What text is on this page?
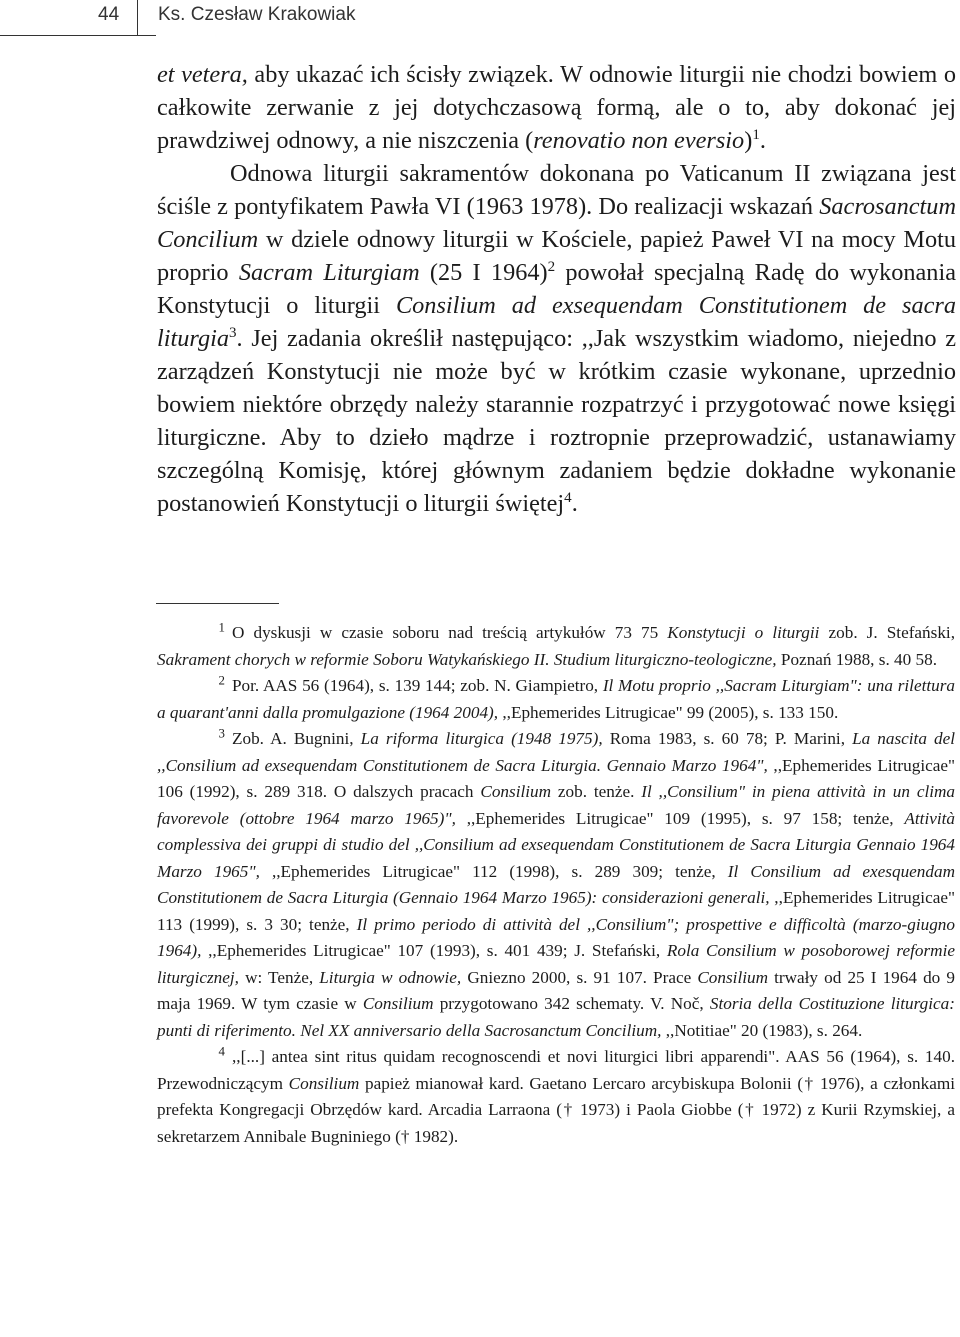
44 Ks. Czesław Krakowiak

et vetera, aby ukazać ich ścisły związek. W odnowie liturgii nie chodzi bowiem o całkowite zerwanie z jej dotychczasową formą, ale o to, aby dokonać jej prawdziwej odnowy, a nie niszczenia (renovatio non eversio)$^1$.

Odnowa liturgii sakramentów dokonana po Vaticanum II związana jest ściśle z pontyfikatem Pawła VI (1963 1978). Do realizacji wskazań Sacrosanctum Concilium w dziele odnowy liturgii w Kościele, papież Paweł VI na mocy Motu proprio Sacram Liturgiam (25 I 1964)$^2$ powołał specjalną Radę do wykonania Konstytucji o liturgii Consilium ad exsequendam Constitutionem de sacra liturgia$^3$. Jej zadania określił następująco: ,,Jak wszystkim wiadomo, niejedno z zarządzeń Konstytucji nie może być w krótkim czasie wykonane, uprzednio bowiem niektóre obrzędy należy starannie rozpatrzyć i przygotować nowe księgi liturgiczne. Aby to dzieło mądrze i roztropnie przeprowadzić, ustanawiamy szczególną Komisję, której głównym zadaniem będzie dokładne wykonanie postanowień Konstytucji o liturgii świętej$^4$.

$^1$ O dyskusji w czasie soboru nad treścią artykułów 73 75 Konstytucji o liturgii zob. J. Stefański, Sakrament chorych w reformie Soboru Watykańskiego II. Studium liturgiczno-teologiczne, Poznań 1988, s. 40 58.

$^2$ Por. AAS 56 (1964), s. 139 144; zob. N. Giampietro, Il Motu proprio ,,Sacram Liturgiam": una rilettura a quarant'anni dalla promulgazione (1964 2004), ,,Ephemerides Litrugicae" 99 (2005), s. 133 150.

$^3$ Zob. A. Bugnini, La riforma liturgica (1948 1975), Roma 1983, s. 60 78; P. Marini, La nascita del ,,Consilium ad exsequendam Constitutionem de Sacra Liturgia. Gennaio Marzo 1964", ,,Ephemerides Litrugicae" 106 (1992), s. 289 318. O dalszych pracach Consilium zob. tenże. Il ,,Consilium" in piena attività in un clima favorevole (ottobre 1964 marzo 1965)", ,,Ephemerides Litrugicae" 109 (1995), s. 97 158; tenże, Attività complessiva dei gruppi di studio del ,,Consilium ad exsequendam Constitutionem de Sacra Liturgia Gennaio 1964 Marzo 1965", ,,Ephemerides Litrugicae" 112 (1998), s. 289 309; tenże, Il Consilium ad exesquendam Constitutionem de Sacra Liturgia (Gennaio 1964 Marzo 1965): considerazioni generali, ,,Ephemerides Litrugicae" 113 (1999), s. 3 30; tenże, Il primo periodo di attività del ,,Consilium"; prospettive e difficoltà (marzo-giugno 1964), ,,Ephemerides Litrugicae" 107 (1993), s. 401 439; J. Stefański, Rola Consilium w posoborowej reformie liturgicznej, w: Tenże, Liturgia w odnowie, Gniezno 2000, s. 91 107. Prace Consilium trwały od 25 I 1964 do 9 maja 1969. W tym czasie w Consilium przygotowano 342 schematy. V. Noč, Storia della Costituzione liturgica: punti di riferimento. Nel XX anniversario della Sacrosanctum Concilium, ,,Notitiae" 20 (1983), s. 264.

$^4$ ,,[...] antea sint ritus quidam recognoscendi et novi liturgici libri apparendi". AAS 56 (1964), s. 140. Przewodniczącym Consilium papież mianował kard. Gaetano Lercaro arcybiskupa Bolonii († 1976), a członkami prefekta Kongregacji Obrzędów kard. Arcadia Larraona († 1973) i Paola Giobbe († 1972) z Kurii Rzymskiej, a sekretarzem Annibale Bugniniego († 1982).
